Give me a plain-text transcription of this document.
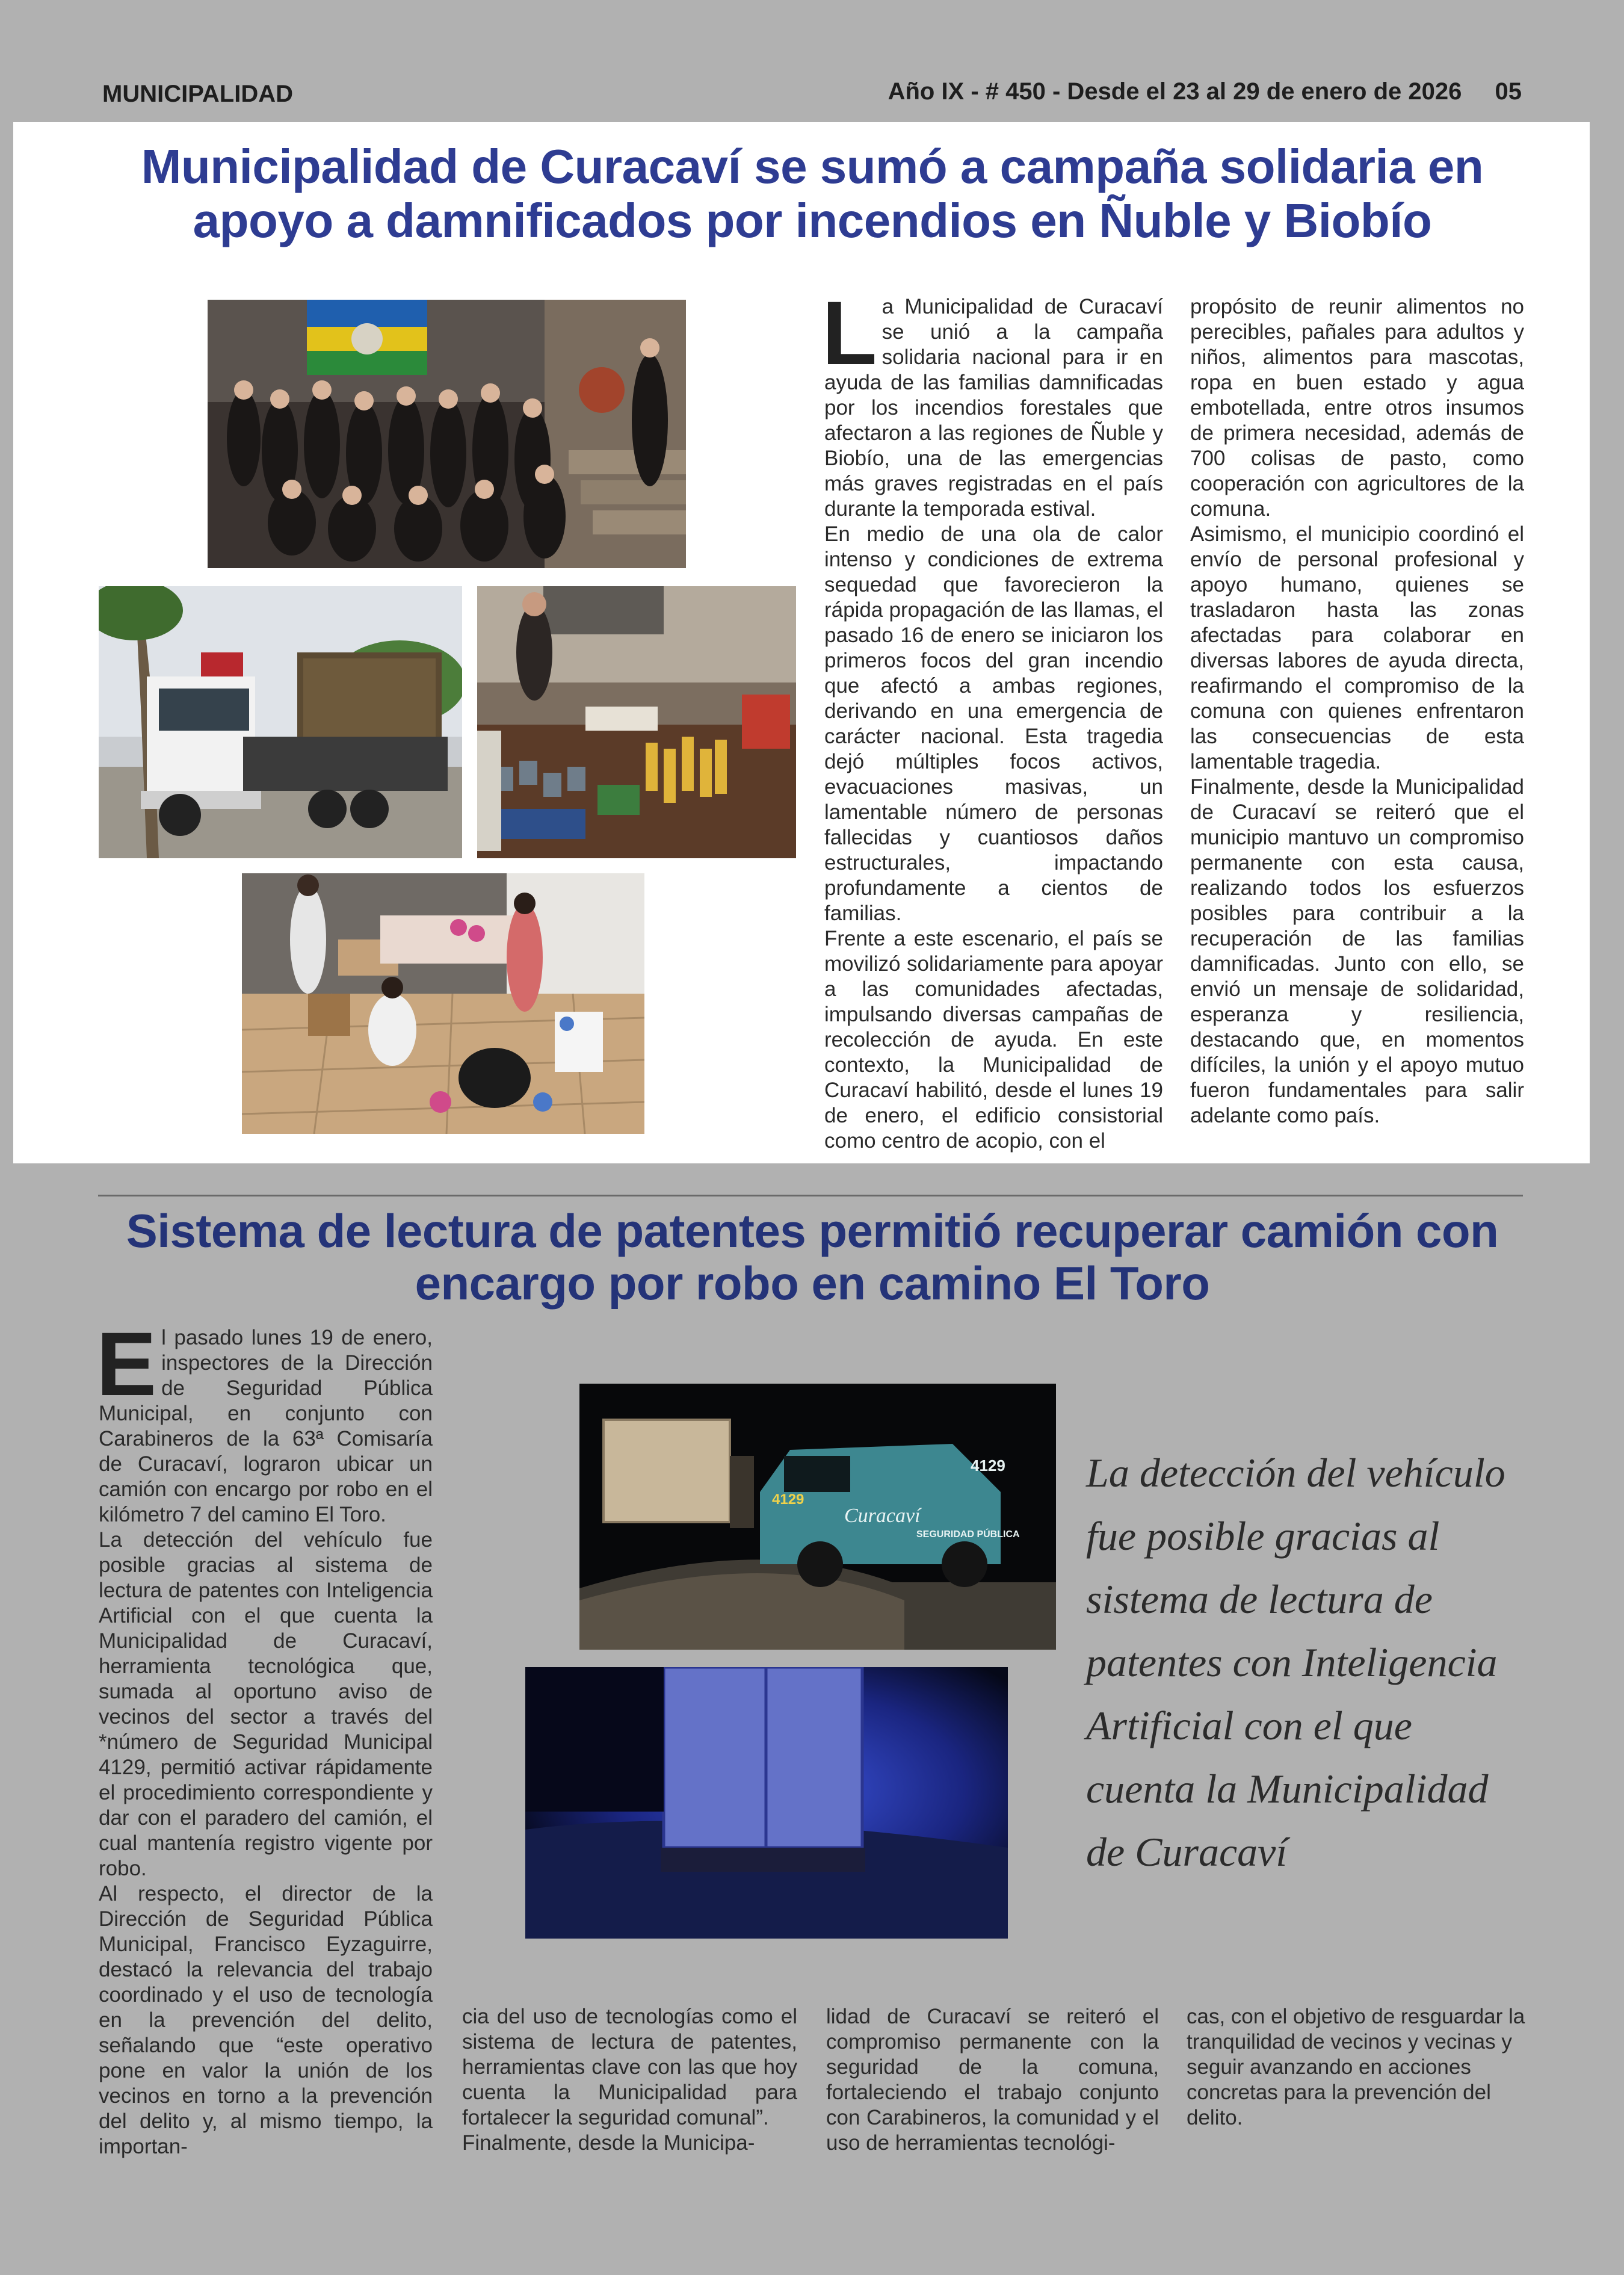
MUNICIPALIDAD	Año IX - # 450 - Desde el 23 al 29 de enero de 2026 05
Municipalidad de Curacaví se sumó a campaña solidaria en
apoyo a damnificados por incendios en Ñuble y Biobío
L a Municipalidad de Curacaví se unió a la campaña solidaria nacional para ir en ayuda de las familias damnificadas por los incendios forestales que afectaron a las regiones de Ñuble y Biobío, una de las emergencias más graves registradas en el país durante la temporada estival.

En medio de una ola de calor intenso y condiciones de extrema sequedad que favorecieron la rápida propagación de las llamas, el pasado 16 de enero se iniciaron los primeros focos del gran incendio que afectó a ambas regiones, derivando en una emergencia de carácter nacional. Esta tragedia dejó múltiples focos activos, evacuaciones masivas, un lamentable número de personas fallecidas y cuantiosos daños estructurales, impactando profundamente a cientos de familias.

Frente a este escenario, el país se movilizó solidariamente para apoyar a las comunidades afectadas, impulsando diversas campañas de recolección de ayuda. En este contexto, la Municipalidad de Curacaví habilitó, desde el lunes 19 de enero, el edificio consistorial como centro de acopio, con el

propósito de reunir alimentos no perecibles, pañales para adultos y niños, alimentos para mascotas, ropa en buen estado y agua embotellada, entre otros insumos de primera necesidad, además de 700 colisas de pasto, como cooperación con agricultores de la comuna.

Asimismo, el municipio coordinó el envío de personal profesional y apoyo humano, quienes se trasladaron hasta las zonas afectadas para colaborar en diversas labores de ayuda directa, reafirmando el compromiso de la comuna con quienes enfrentaron las consecuencias de esta lamentable tragedia.

Finalmente, desde la Municipalidad de Curacaví se reiteró que el municipio mantuvo un compromiso permanente con esta causa, realizando todos los esfuerzos posibles para contribuir a la recuperación de las familias damnificadas. Junto con ello, se envió un mensaje de solidaridad, esperanza y resiliencia, destacando que, en momentos difíciles, la unión y el apoyo mutuo fueron fundamentales para salir adelante como país.

Sistema de lectura de patentes permitió recuperar camión con
encargo por robo en camino El Toro
E l pasado lunes 19 de enero, inspectores de la Dirección de Seguridad Pública Municipal, en conjunto con Carabineros de la 63ª Comisaría de Curacaví, lograron ubicar un camión con encargo por robo en el kilómetro 7 del camino El Toro.

La detección del vehículo fue posible gracias al sistema de lectura de patentes con Inteligencia Artificial con el que cuenta la Municipalidad de Curacaví, herramienta tecnológica que, sumada al oportuno aviso de vecinos del sector a través del *número de Seguridad Municipal 4129, permitió activar rápidamente el procedimiento correspondiente y dar con el paradero del camión, el cual mantenía registro vigente por robo.

Al respecto, el director de la Dirección de Seguridad Pública Municipal, Francisco Eyzaguirre, destacó la relevancia del trabajo coordinado y el uso de tecnología en la prevención del delito, señalando que “este operativo pone en valor la unión de los vecinos en torno a la prevención del delito y, al mismo tiempo, la importan-

Curacaví
SEGURIDAD PÚBLICA
4129
4129 La detección del vehículo fue posible gracias al sistema de lectura de patentes con Inteligencia Artificial con el que cuenta la Municipalidad de Curacaví

cia del uso de tecnologías como el sistema de lectura de patentes, herramientas clave con las que hoy cuenta la Municipalidad para fortalecer la seguridad comunal”.

Finalmente, desde la Municipa-

lidad de Curacaví se reiteró el compromiso permanente con la seguridad de la comuna, fortaleciendo el trabajo conjunto con Carabineros, la comunidad y el uso de herramientas tecnológi-

cas, con el objetivo de resguardar la tranquilidad de vecinos y vecinas y seguir avanzando en acciones concretas para la prevención del delito.
